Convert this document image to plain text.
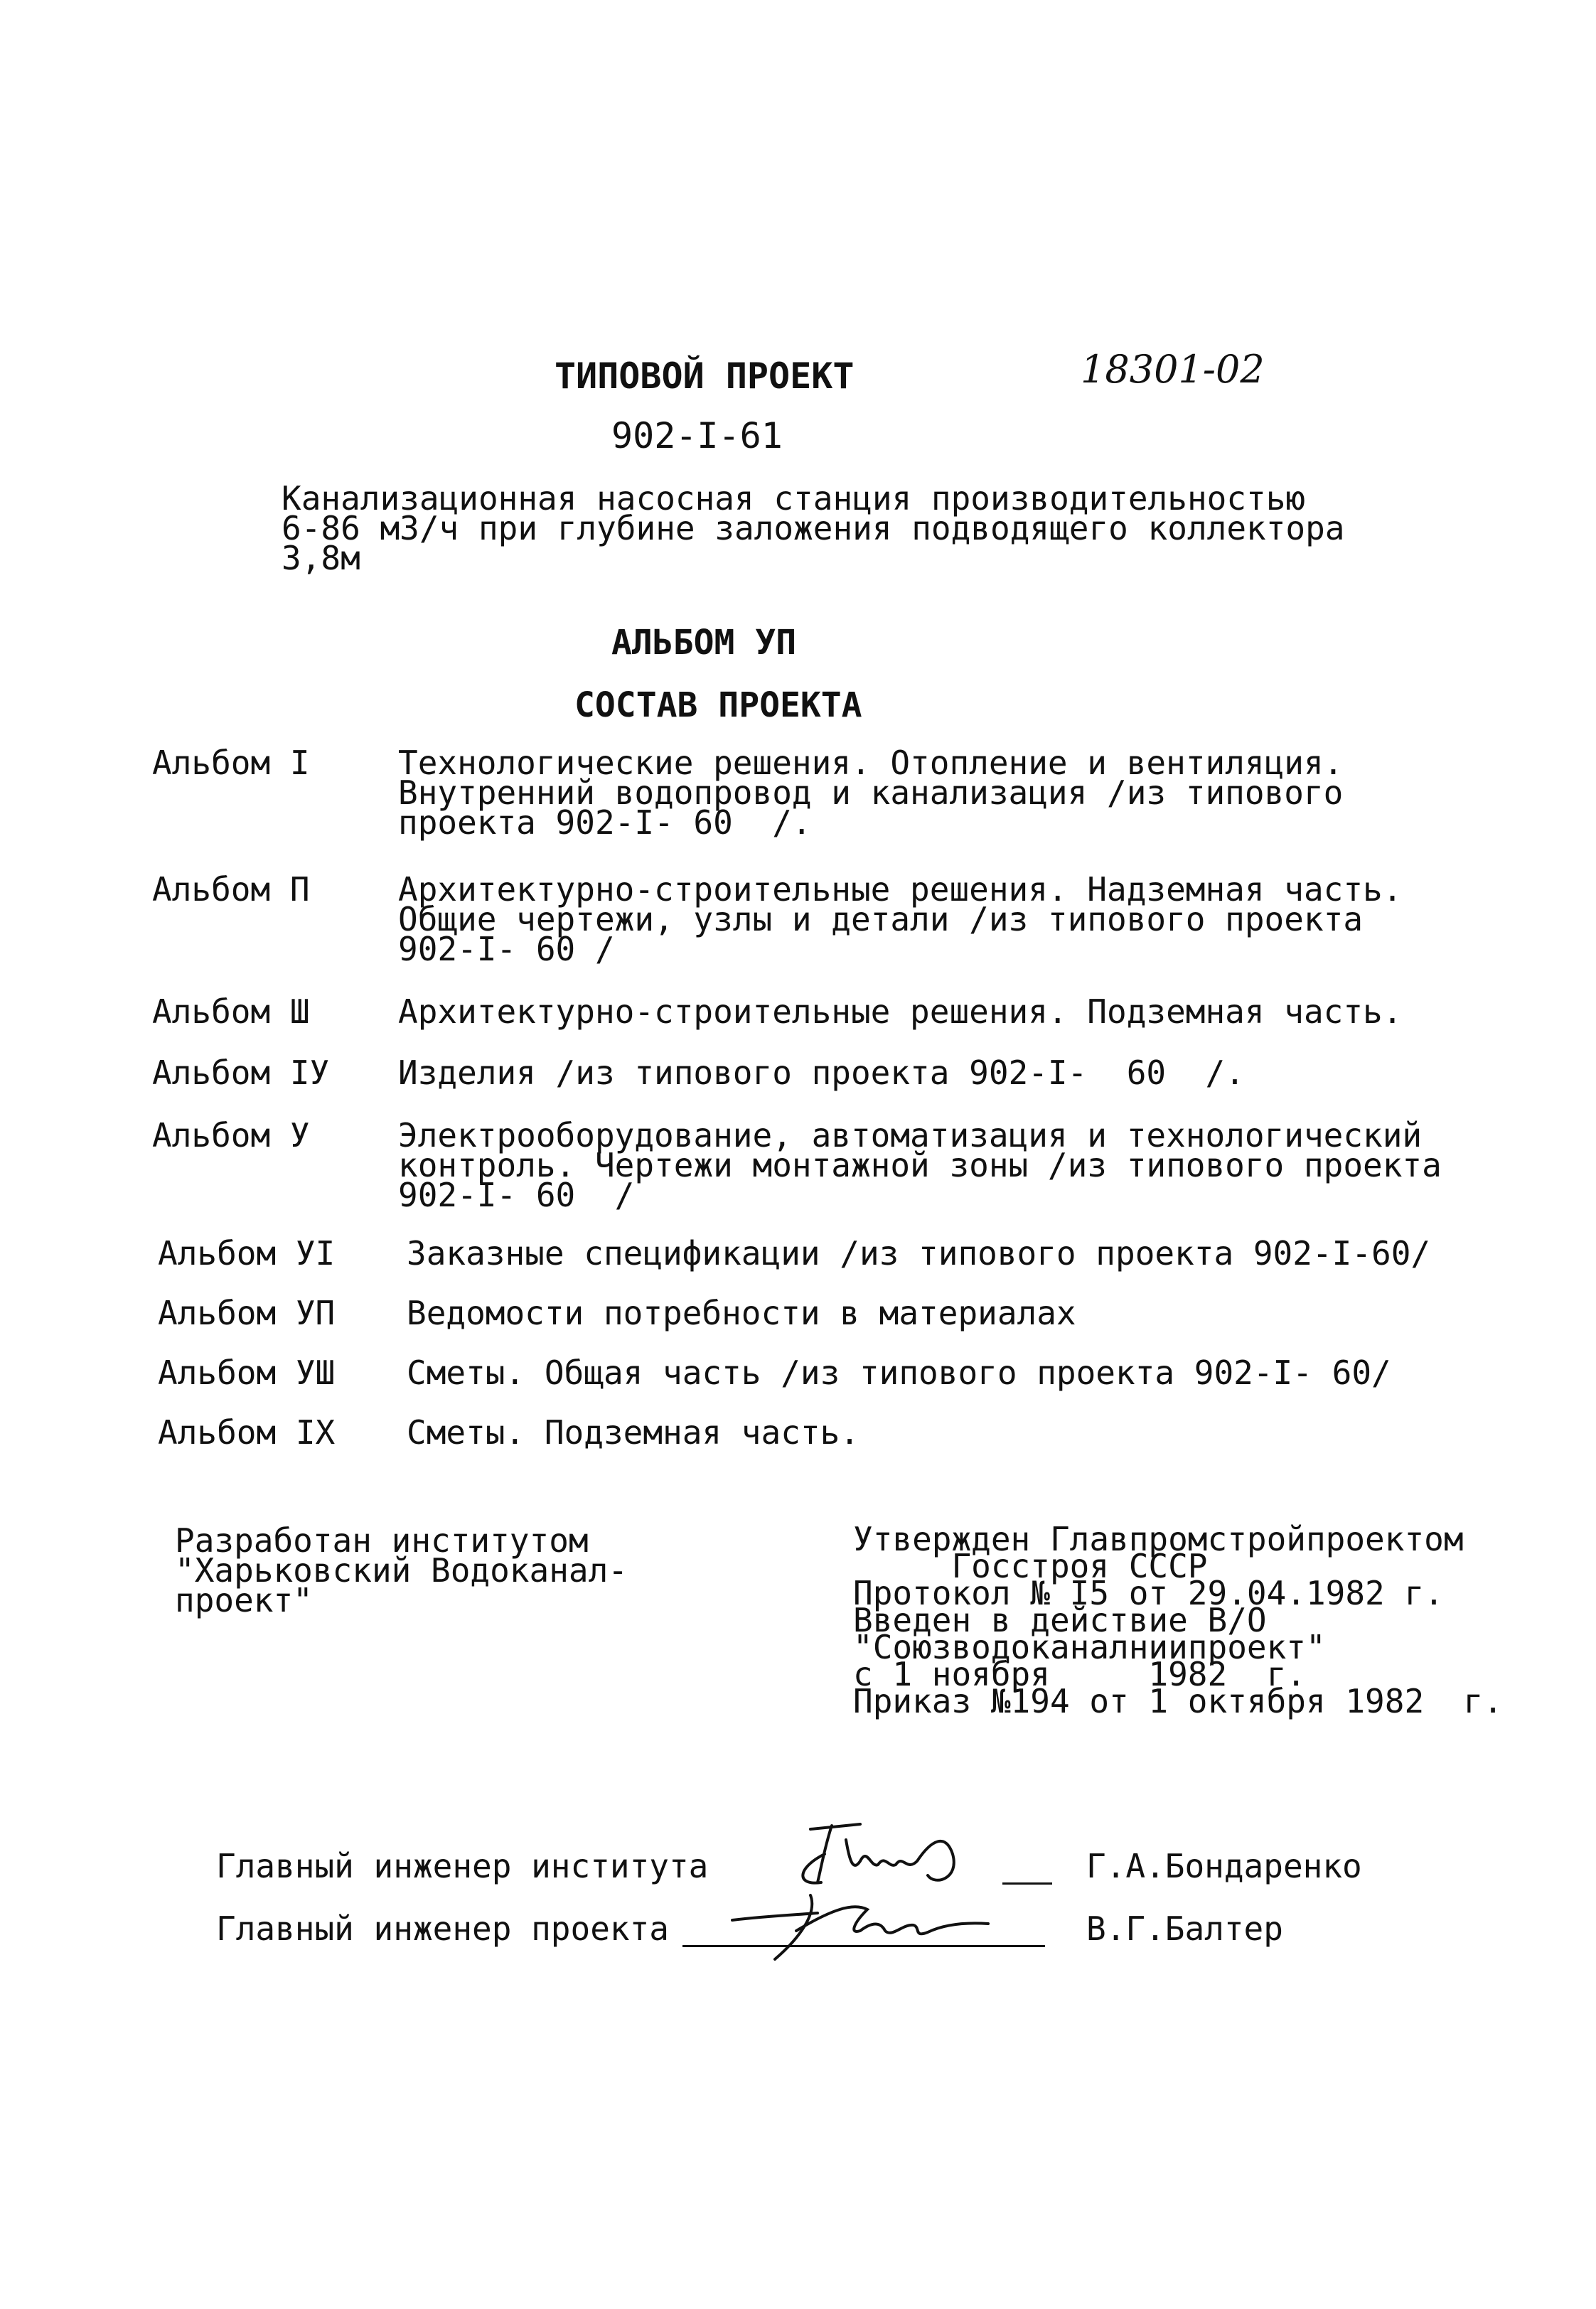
ТИПОВОЙ ПРОЕКТ	18301-02
902-I-61
Канализационная насосная станция производительностью
6-86 м3/ч при глубине заложения подводящего коллектора
3,8м
АЛЬБОМ УП
СОСТАВ ПРОЕКТА
Альбом I	Технологические решения. Отопление и вентиляция.
Внутренний водопровод и канализация /из типового
проекта 902-I- 60  /.
Альбом П	Архитектурно-строительные решения. Надземная часть.
Общие чертежи, узлы и детали /из типового проекта
902-I- 60 /
Альбом Ш	Архитектурно-строительные решения. Подземная часть.
Альбом IУ Изделия /из типового проекта 902-I-  60  /.
Альбом У	Электрооборудование, автоматизация и технологический
контроль. Чертежи монтажной зоны /из типового проекта
902-I- 60  /
Альбом УI Заказные спецификации /из типового проекта 902-I-60/
Альбом УП Ведомости потребности в материалах
Альбом УШ Сметы. Общая часть /из типового проекта 902-I- 60/
Альбом IX Сметы. Подземная часть.
Разработан институтом
"Харьковский Водоканал-
проект"
Утвержден Главпромстройпроектом
Госстроя СССР
Протокол № I5 от 29.04.1982 г.
Введен в действие В/О
"Союзводоканалниипроект"
с 1 ноября     1982  г.
Приказ №194 от 1 октября 1982  г.
Главный инженер института	Г.А.Бондаренко
Главный инженер проекта	В.Г.Балтер
